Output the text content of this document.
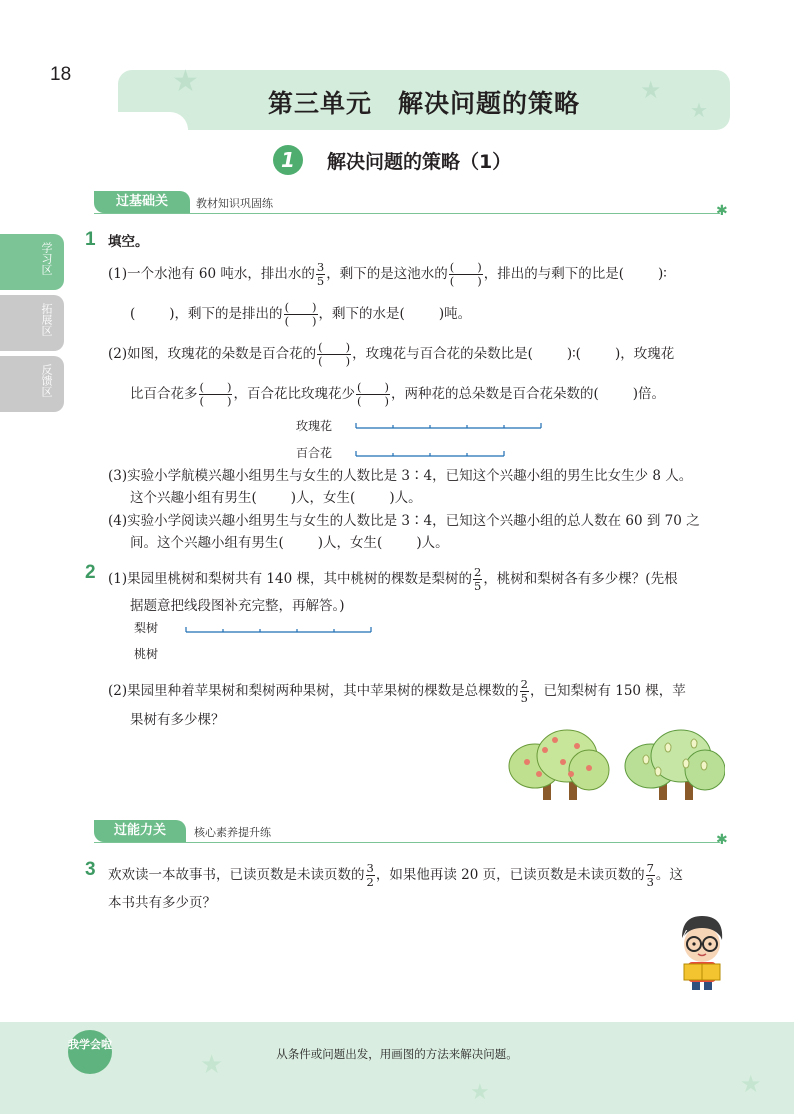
18	★	★
★
第三单元　解决问题的策略
1	解决问题的策略（1）
过基础关	教材知识巩固练	✱
学习区
拓展区
反馈区
1 填空。
(1)一个水池有 60 吨水，排出水的 $\frac{3}{5}$ ，剩下的是这池水的 $\frac{( )}{( )}$ ，排出的与剩下的比是(	)∶
(	)，剩下的是排出的 $\frac{( )}{( )}$ ，剩下的水是(	)吨。
(2)如图，玫瑰花的朵数是百合花的 $\frac{( )}{( )}$ ，玫瑰花与百合花的朵数比是(	)∶(	)，玫瑰花
比百合花多 $\frac{( )}{( )}$ ，百合花比玫瑰花少 $\frac{( )}{( )}$ ，两种花的总朵数是百合花朵数的(	)倍。
玫瑰花
百合花
(3)实验小学航模兴趣小组男生与女生的人数比是 3∶4，已知这个兴趣小组的男生比女生少 8 人。
这个兴趣小组有男生(	)人，女生(	)人。
(4)实验小学阅读兴趣小组男生与女生的人数比是 3∶4，已知这个兴趣小组的总人数在 60 到 70 之
间。这个兴趣小组有男生(	)人，女生(	)人。
2 (1)果园里桃树和梨树共有 140 棵，其中桃树的棵数是梨树的 $\frac{2}{5}$ ，桃树和梨树各有多少棵？(先根
据题意把线段图补充完整，再解答。)
梨树
桃树
(2)果园里种着苹果树和梨树两种果树，其中苹果树的棵数是总棵数的 $\frac{2}{5}$ ，已知梨树有 150 棵，苹
果树有多少棵？
过能力关	核心素养提升练	✱
3 欢欢读一本故事书，已读页数是未读页数的 $\frac{3}{2}$ ，如果他再读 20 页，已读页数是未读页数的 $\frac{7}{3}$ 。这
本书共有多少页？
★
★	★
我学会啦
从条件或问题出发，用画图的方法来解决问题。
